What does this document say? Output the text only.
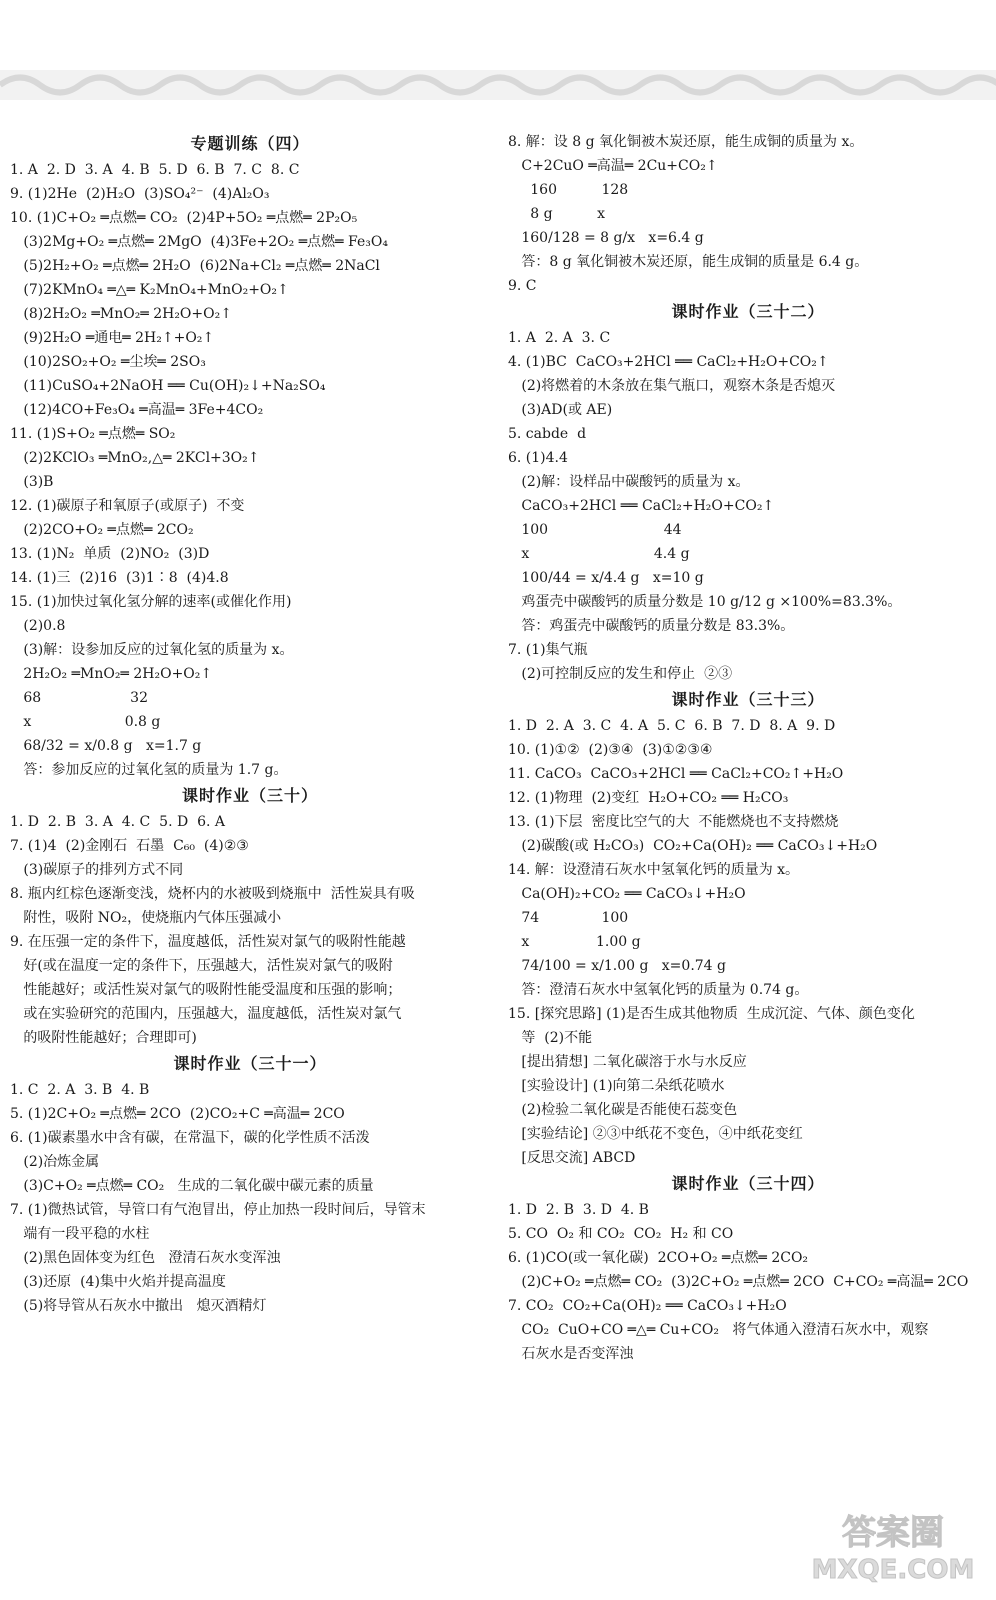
专题训练（四）
1. A  2. D  3. A  4. B  5. D  6. B  7. C  8. C
9. (1)2He  (2)H₂O  (3)SO₄²⁻  (4)Al₂O₃
10. (1)C+O₂ ═点燃═ CO₂  (2)4P+5O₂ ═点燃═ 2P₂O₅
(3)2Mg+O₂ ═点燃═ 2MgO  (4)3Fe+2O₂ ═点燃═ Fe₃O₄
(5)2H₂+O₂ ═点燃═ 2H₂O  (6)2Na+Cl₂ ═点燃═ 2NaCl
(7)2KMnO₄ ═△═ K₂MnO₄+MnO₂+O₂↑
(8)2H₂O₂ ═MnO₂═ 2H₂O+O₂↑
(9)2H₂O ═通电═ 2H₂↑+O₂↑
(10)2SO₂+O₂ ═尘埃═ 2SO₃
(11)CuSO₄+2NaOH ══ Cu(OH)₂↓+Na₂SO₄
(12)4CO+Fe₃O₄ ═高温═ 3Fe+4CO₂
11. (1)S+O₂ ═点燃═ SO₂
(2)2KClO₃ ═MnO₂,△═ 2KCl+3O₂↑
(3)B
12. (1)碳原子和氧原子(或原子)  不变
(2)2CO+O₂ ═点燃═ 2CO₂
13. (1)N₂  单质  (2)NO₂  (3)D
14. (1)三  (2)16  (3)1∶8  (4)4.8
15. (1)加快过氧化氢分解的速率(或催化作用)
(2)0.8
(3)解：设参加反应的过氧化氢的质量为 x。
2H₂O₂ ═MnO₂═ 2H₂O+O₂↑
68                    32
x                     0.8 g
68/32 = x/0.8 g   x=1.7 g
答：参加反应的过氧化氢的质量为 1.7 g。
课时作业（三十）
1. D  2. B  3. A  4. C  5. D  6. A
7. (1)4  (2)金刚石  石墨  C₆₀  (4)②③
(3)碳原子的排列方式不同
8. 瓶内红棕色逐渐变浅，烧杯内的水被吸到烧瓶中  活性炭具有吸
附性，吸附 NO₂，使烧瓶内气体压强减小
9. 在压强一定的条件下，温度越低，活性炭对氯气的吸附性能越
好(或在温度一定的条件下，压强越大，活性炭对氯气的吸附
性能越好；或活性炭对氯气的吸附性能受温度和压强的影响；
或在实验研究的范围内，压强越大，温度越低，活性炭对氯气
的吸附性能越好；合理即可)
课时作业（三十一）
1. C  2. A  3. B  4. B
5. (1)2C+O₂ ═点燃═ 2CO  (2)CO₂+C ═高温═ 2CO
6. (1)碳素墨水中含有碳，在常温下，碳的化学性质不活泼
(2)冶炼金属
(3)C+O₂ ═点燃═ CO₂   生成的二氧化碳中碳元素的质量
7. (1)微热试管，导管口有气泡冒出，停止加热一段时间后，导管末
端有一段平稳的水柱
(2)黑色固体变为红色   澄清石灰水变浑浊
(3)还原  (4)集中火焰并提高温度
(5)将导管从石灰水中撤出   熄灭酒精灯
8. 解：设 8 g 氧化铜被木炭还原，能生成铜的质量为 x。
C+2CuO ═高温═ 2Cu+CO₂↑
160          128
8 g          x
160/128 = 8 g/x   x=6.4 g
答：8 g 氧化铜被木炭还原，能生成铜的质量是 6.4 g。
9. C
课时作业（三十二）
1. A  2. A  3. C
4. (1)BC  CaCO₃+2HCl ══ CaCl₂+H₂O+CO₂↑
(2)将燃着的木条放在集气瓶口，观察木条是否熄灭
(3)AD(或 AE)
5. cabde  d
6. (1)4.4
(2)解：设样品中碳酸钙的质量为 x。
CaCO₃+2HCl ══ CaCl₂+H₂O+CO₂↑
100                          44
x                            4.4 g
100/44 = x/4.4 g   x=10 g
鸡蛋壳中碳酸钙的质量分数是 10 g/12 g ×100%=83.3%。
答：鸡蛋壳中碳酸钙的质量分数是 83.3%。
7. (1)集气瓶
(2)可控制反应的发生和停止  ②③
课时作业（三十三）
1. D  2. A  3. C  4. A  5. C  6. B  7. D  8. A  9. D
10. (1)①②  (2)③④  (3)①②③④
11. CaCO₃  CaCO₃+2HCl ══ CaCl₂+CO₂↑+H₂O
12. (1)物理  (2)变红  H₂O+CO₂ ══ H₂CO₃
13. (1)下层  密度比空气的大  不能燃烧也不支持燃烧
(2)碳酸(或 H₂CO₃)  CO₂+Ca(OH)₂ ══ CaCO₃↓+H₂O
14. 解：设澄清石灰水中氢氧化钙的质量为 x。
Ca(OH)₂+CO₂ ══ CaCO₃↓+H₂O
74              100
x               1.00 g
74/100 = x/1.00 g   x=0.74 g
答：澄清石灰水中氢氧化钙的质量为 0.74 g。
15. [探究思路] (1)是否生成其他物质  生成沉淀、气体、颜色变化
等  (2)不能
[提出猜想] 二氧化碳溶于水与水反应
[实验设计] (1)向第二朵纸花喷水
(2)检验二氧化碳是否能使石蕊变色
[实验结论] ②③中纸花不变色，④中纸花变红
[反思交流] ABCD
课时作业（三十四）
1. D  2. B  3. D  4. B
5. CO  O₂ 和 CO₂  CO₂  H₂ 和 CO
6. (1)CO(或一氧化碳)  2CO+O₂ ═点燃═ 2CO₂
(2)C+O₂ ═点燃═ CO₂  (3)2C+O₂ ═点燃═ 2CO  C+CO₂ ═高温═ 2CO
7. CO₂  CO₂+Ca(OH)₂ ══ CaCO₃↓+H₂O
CO₂  CuO+CO ═△═ Cu+CO₂   将气体通入澄清石灰水中，观察
石灰水是否变浑浊
答案圈
MXQE.COM
